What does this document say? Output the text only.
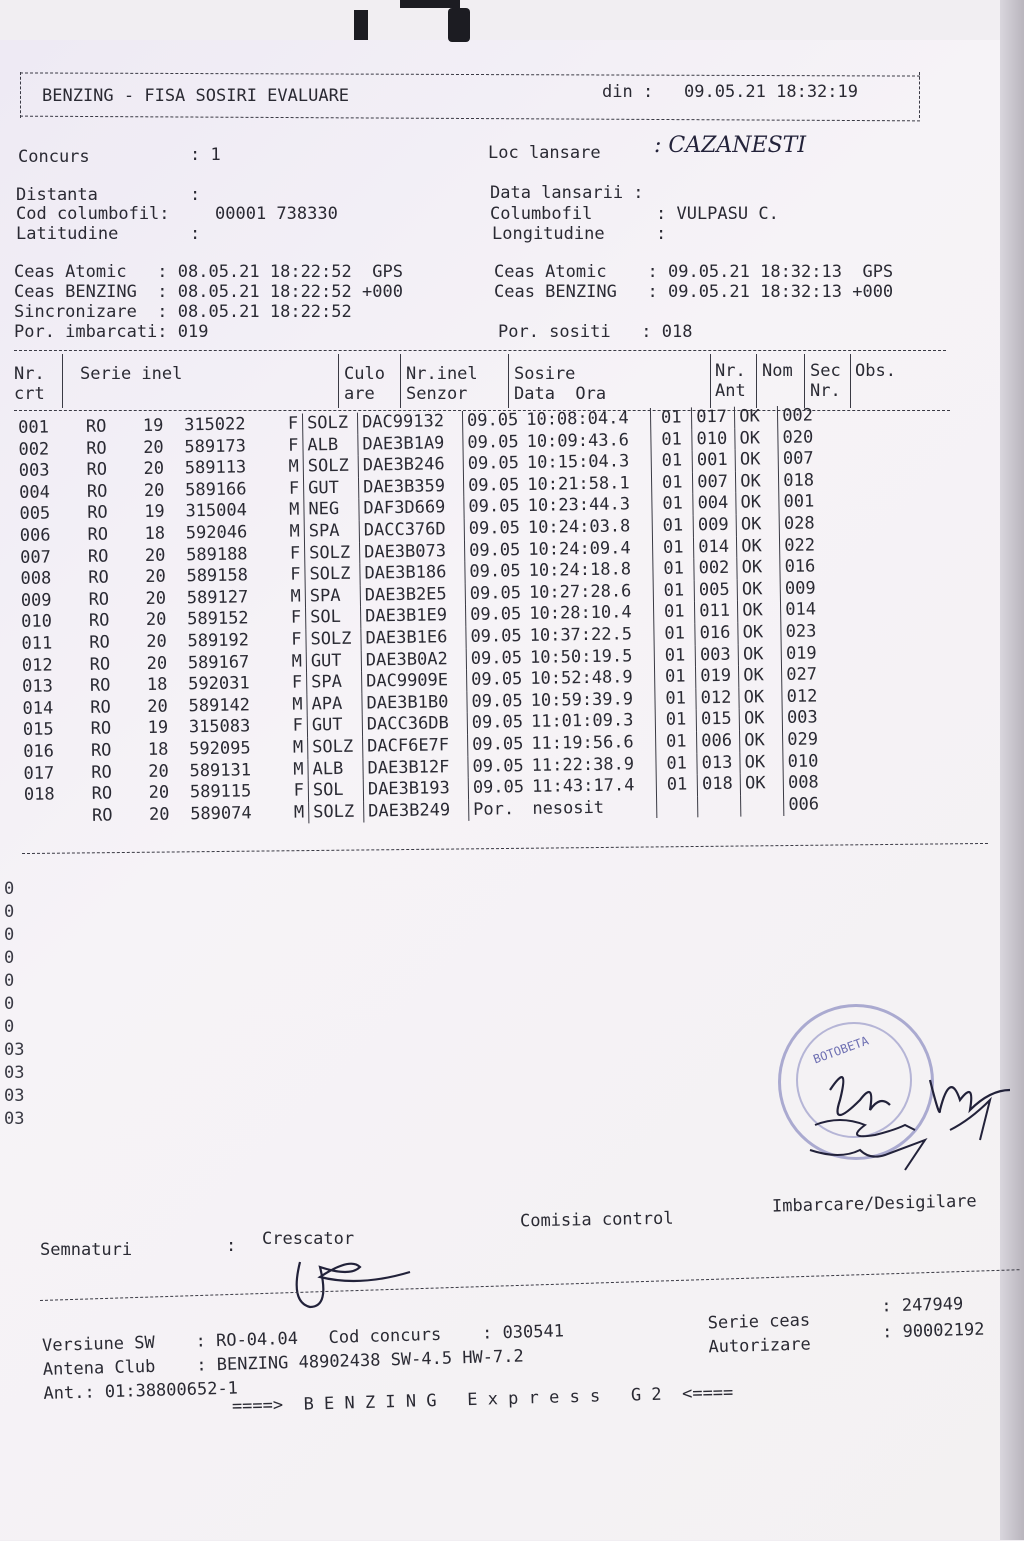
BENZING - FISA SOSIRI EVALUARE	din : 09.05.21 18:32:19
Concurs	: 1	Loc lansare : CAZANESTI
Distanta	:	Data lansarii :
Cod columbofil:	00001 738330	Columbofil	: VULPASU C.
Latitudine	:	Longitudine	:
Ceas Atomic   : 08.05.21 18:22:52  GPS	Ceas Atomic    : 09.05.21 18:32:13  GPS
Ceas BENZING  : 08.05.21 18:22:52 +000	Ceas BENZING   : 09.05.21 18:32:13 +000
Sincronizare  : 08.05.21 18:22:52
Por. imbarcati: 019	Por. sositi   : 018
Nr.
crt
Serie inel	Culo
are
Nr.inel
Senzor
Sosire
Data  Ora
Nr.
Ant
Nom Sec
Nr.
Obs.
001	RO	19	315022	F	SOLZ	DAC99132	09.05	10:08:04.4	01	017	OK	002
002	RO	20	589173	F	ALB	DAE3B1A9	09.05	10:09:43.6	01	010	OK	020
003	RO	20	589113	M	SOLZ	DAE3B246	09.05	10:15:04.3	01	001	OK	007
004	RO	20	589166	F	GUT	DAE3B359	09.05	10:21:58.1	01	007	OK	018
005	RO	19	315004	M	NEG	DAF3D669	09.05	10:23:44.3	01	004	OK	001
006	RO	18	592046	M	SPA	DACC376D	09.05	10:24:03.8	01	009	OK	028
007	RO	20	589188	F	SOLZ	DAE3B073	09.05	10:24:09.4	01	014	OK	022
008	RO	20	589158	F	SOLZ	DAE3B186	09.05	10:24:18.8	01	002	OK	016
009	RO	20	589127	M	SPA	DAE3B2E5	09.05	10:27:28.6	01	005	OK	009
010	RO	20	589152	F	SOL	DAE3B1E9	09.05	10:28:10.4	01	011	OK	014
011	RO	20	589192	F	SOLZ	DAE3B1E6	09.05	10:37:22.5	01	016	OK	023
012	RO	20	589167	M	GUT	DAE3B0A2	09.05	10:50:19.5	01	003	OK	019
013	RO	18	592031	F	SPA	DAC9909E	09.05	10:52:48.9	01	019	OK	027
014	RO	20	589142	M	APA	DAE3B1B0	09.05	10:59:39.9	01	012	OK	012
015	RO	19	315083	F	GUT	DACC36DB	09.05	11:01:09.3	01	015	OK	003
016	RO	18	592095	M	SOLZ	DACF6E7F	09.05	11:19:56.6	01	006	OK	029
017	RO	20	589131	M	ALB	DAE3B12F	09.05	11:22:38.9	01	013	OK	010
018	RO	20	589115	F	SOL	DAE3B193	09.05	11:43:17.4	01	018	OK	008
	RO	20	589074	M	SOLZ	DAE3B249	Por.	nesosit				006
0
0
0
0
0
0
0
03
03
03
03
BOTOBETA
Semnaturi	: Crescator
Comisia control
Imbarcare/Desigilare
Versiune SW    : RO-04.04   Cod concurs    : 030541	Serie ceas
: 247949
Antena Club    : BENZING 48902438 SW-4.5 HW-7.2
Autorizare
: 90002192
Ant.: 01:38800652-1
====>  B E N Z I N G   E x p r e s s   G 2  <====
